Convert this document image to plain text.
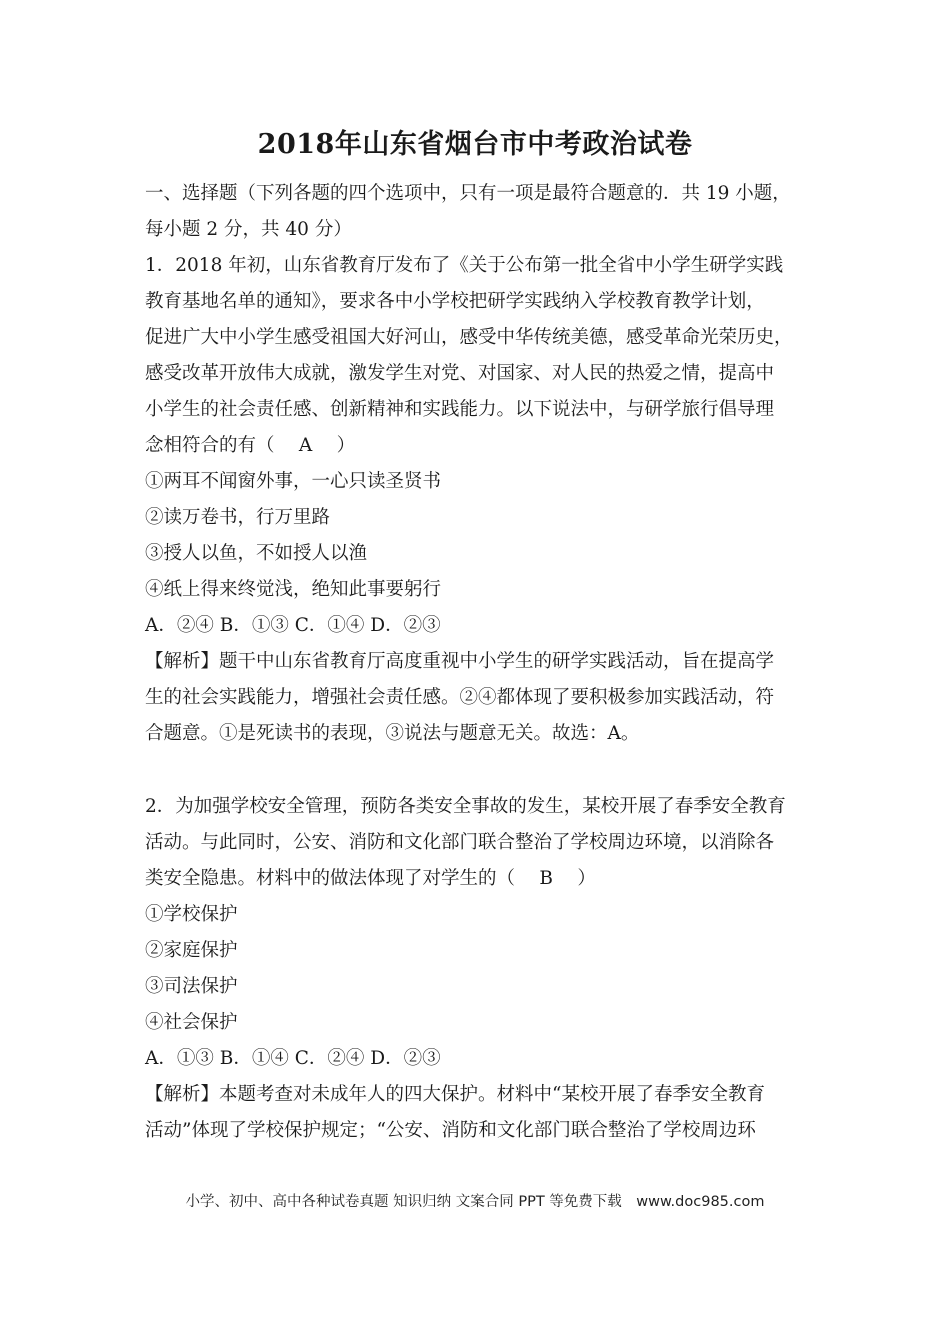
2018年山东省烟台市中考政治试卷
一、选择题（下列各题的四个选项中，只有一项是最符合题意的．共 19 小题，
每小题 2 分，共 40 分）
1．2018 年初，山东省教育厅发布了《关于公布第一批全省中小学生研学实践
教育基地名单的通知》，要求各中小学校把研学实践纳入学校教育教学计划，
促进广大中小学生感受祖国大好河山，感受中华传统美德，感受革命光荣历史，
感受改革开放伟大成就，激发学生对党、对国家、对人民的热爱之情，提高中
小学生的社会责任感、创新精神和实践能力。以下说法中，与研学旅行倡导理
念相符合的有（　 A　 ）
①两耳不闻窗外事，一心只读圣贤书
②读万卷书，行万里路
③授人以鱼，不如授人以渔
④纸上得来终觉浅，绝知此事要躬行
A．②④ B．①③ C．①④ D．②③
【解析】题干中山东省教育厅高度重视中小学生的研学实践活动，旨在提高学
生的社会实践能力，增强社会责任感。②④都体现了要积极参加实践活动，符
合题意。①是死读书的表现，③说法与题意无关。故选：A。
2．为加强学校安全管理，预防各类安全事故的发生，某校开展了春季安全教育
活动。与此同时，公安、消防和文化部门联合整治了学校周边环境，以消除各
类安全隐患。材料中的做法体现了对学生的（　 B　 ）
①学校保护
②家庭保护
③司法保护
④社会保护
A．①③ B．①④ C．②④ D．②③
【解析】本题考查对未成年人的四大保护。材料中“某校开展了春季安全教育
活动”体现了学校保护规定；“公安、消防和文化部门联合整治了学校周边环
小学、初中、高中各种试卷真题 知识归纳 文案合同 PPT 等免费下载　www.doc985.com
